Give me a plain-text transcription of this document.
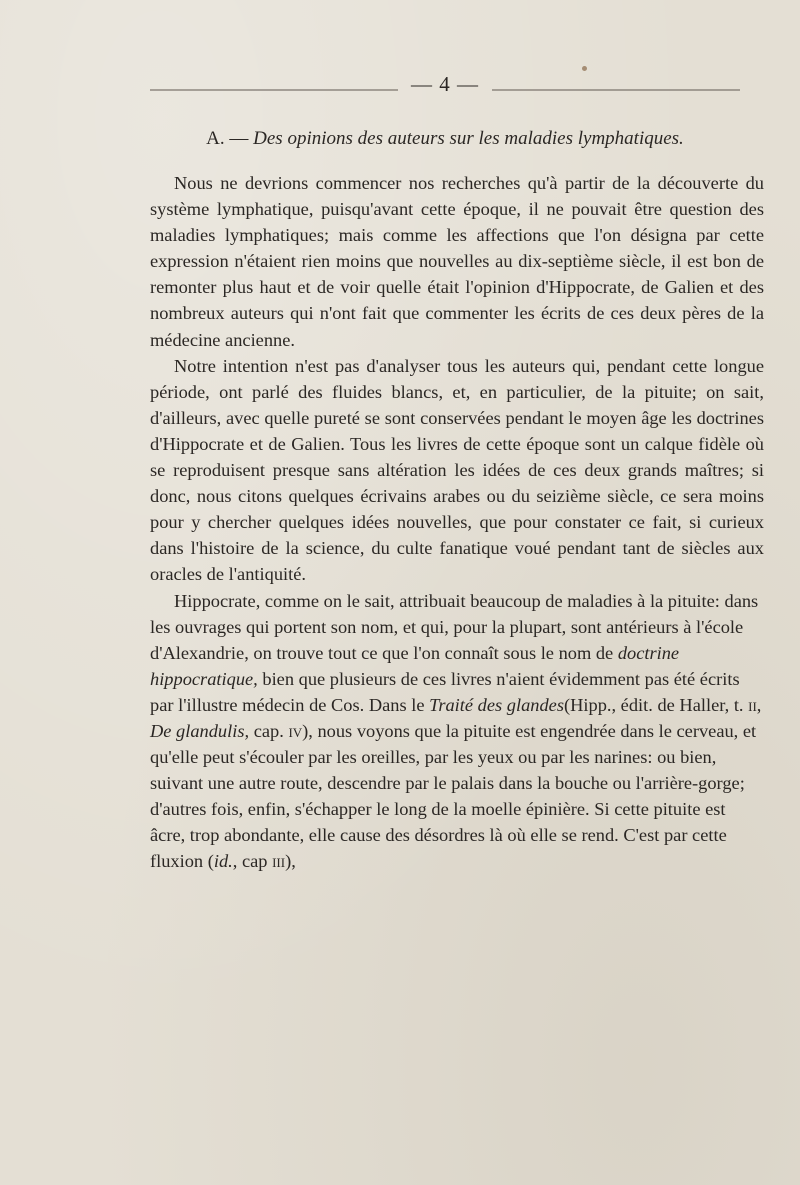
— 4 —
A. — Des opinions des auteurs sur les maladies lymphatiques.

Nous ne devrions commencer nos recherches qu'à partir de la découverte du système lymphatique, puisqu'avant cette époque, il ne pouvait être question des maladies lymphatiques; mais comme les affections que l'on désigna par cette expression n'étaient rien moins que nouvelles au dix-septième siècle, il est bon de remonter plus haut et de voir quelle était l'opinion d'Hippocrate, de Galien et des nombreux auteurs qui n'ont fait que commenter les écrits de ces deux pères de la médecine ancienne.

Notre intention n'est pas d'analyser tous les auteurs qui, pendant cette longue période, ont parlé des fluides blancs, et, en particulier, de la pituite; on sait, d'ailleurs, avec quelle pureté se sont conservées pendant le moyen âge les doctrines d'Hippocrate et de Galien. Tous les livres de cette époque sont un calque fidèle où se reproduisent presque sans altération les idées de ces deux grands maîtres; si donc, nous citons quelques écrivains arabes ou du seizième siècle, ce sera moins pour y chercher quelques idées nouvelles, que pour constater ce fait, si curieux dans l'histoire de la science, du culte fanatique voué pendant tant de siècles aux oracles de l'antiquité.

Hippocrate, comme on le sait, attribuait beaucoup de maladies à la pituite: dans les ouvrages qui portent son nom, et qui, pour la plupart, sont antérieurs à l'école d'Alexandrie, on trouve tout ce que l'on connaît sous le nom de doctrine hippocratique, bien que plusieurs de ces livres n'aient évidemment pas été écrits par l'illustre médecin de Cos. Dans le Traité des glandes(Hipp., édit. de Haller, t. ii, De glandulis, cap. iv), nous voyons que la pituite est engendrée dans le cerveau, et qu'elle peut s'écouler par les oreilles, par les yeux ou par les narines: ou bien, suivant une autre route, descendre par le palais dans la bouche ou l'arrière-gorge; d'autres fois, enfin, s'échapper le long de la moelle épinière. Si cette pituite est âcre, trop abondante, elle cause des désordres là où elle se rend. C'est par cette fluxion (id., cap iii),
